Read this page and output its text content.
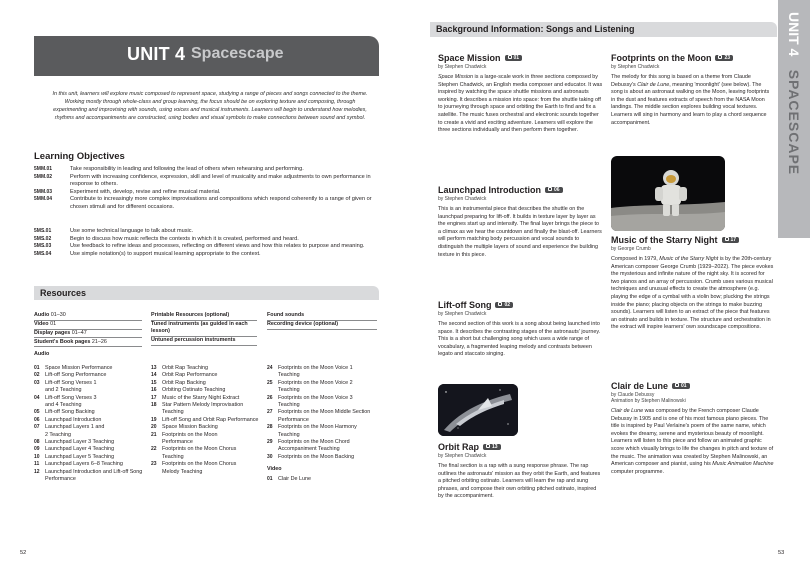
UNIT 4 Spacescape

In this unit, learners will explore music composed to represent space, studying a range of pieces and songs connected to the theme. Working mostly through whole-class and group learning, the focus should be on exploring texture and composing, through experimenting and improvising with sounds, using voices and musical instruments. Learners will begin to understand how melodies, rhythms and accompaniments are constructed, using bodies and visual symbols to make connections between sound and symbol.

Learning Objectives
5MM.01	Take responsibility in leading and following the lead of others when rehearsing and performing.
5MM.02	Perform with increasing confidence, expression, skill and level of musicality and make adjustments to own performance in response to others.
5MM.03	Experiment with, develop, revise and refine musical material.
5MM.04	Contribute to increasingly more complex improvisations and compositions which respond coherently to a range of given or chosen stimuli and for different occasions.
5MS.01	Use some technical language to talk about music.
5MS.02	Begin to discuss how music reflects the contexts in which it is created, performed and heard.
5MS.03	Use feedback to refine ideas and processes, reflecting on different views and how this relates to purpose and meaning.
5MS.04	Use simple notation(s) to support musical learning appropriate to the context.
Resources
Audio 01–30
Video 01
Display pages 01–47
Student's Book pages 21–26
Printable Resources (optional)
Tuned instruments (as guided in each lesson)
Untuned percussion instruments
Found sounds
Recording device (optional)
Audio
01	Space Mission Performance
02	Lift-off Song Performance
03	Lift-off Song Verses 1 and 2 Teaching
04	Lift-off Song Verses 3 and 4 Teaching
05	Lift-off Song Backing
06	Launchpad Introduction
07	Launchpad Layers 1 and 2 Teaching
08	Launchpad Layer 3 Teaching
09	Launchpad Layer 4 Teaching
10	Launchpad Layer 5 Teaching
11	Launchpad Layers 6–8 Teaching
12	Launchpad Introduction and Lift-off Song Performance
13	Orbit Rap Teaching
14	Orbit Rap Performance
15	Orbit Rap Backing
16	Orbiting Ostinato Teaching
17	Music of the Starry Night Extract
18	Star Pattern Melody Improvisation Teaching
19	Lift-off Song and Orbit Rap Performance
20	Space Mission Backing
21	Footprints on the Moon Performance
22	Footprints on the Moon Chorus Teaching
23	Footprints on the Moon Chorus Melody Teaching
24	Footprints on the Moon Voice 1 Teaching
25	Footprints on the Moon Voice 2 Teaching
26	Footprints on the Moon Voice 3 Teaching
27	Footprints on the Moon Middle Section Performance
28	Footprints on the Moon Harmony Teaching
29	Footprints on the Moon Chord Accompaniment Teaching
30	Footprints on the Moon Backing
Video
01	Clair De Lune
52
Background Information: Songs and Listening	UNIT 4   SPACESCAPE
Space Mission	01
by Stephen Chadwick

Space Mission is a large-scale work in three sections composed by Stephen Chadwick, an English media composer and educator. It was inspired by watching the space shuttle missions and astronauts working. It describes a mission into space: from the shuttle taking off to journeying through space and orbiting the Earth to find and fix a satellite. The music fuses orchestral and electronic sounds together to create a vivid and exciting adventure. Learners will explore the three sections individually and then perform them together.

Launchpad Introduction	06
by Stephen Chadwick

This is an instrumental piece that describes the shuttle on the launchpad preparing for lift-off. It builds in texture layer by layer as the engines start up and intensify. The final layer brings the piece to a climax as we hear the countdown and finally the blast-off. Learners will perform matching body percussion and vocal sounds to distinguish the multiple layers of sound and experience the building texture in this piece.

Lift-off Song	02
by Stephen Chadwick

The second section of this work is a song about being launched into space. It describes the contrasting stages of the astronauts' journey. This is a short but challenging song which uses a wide range of vocabulary, a fragmented leaping melody and contrasts between legato and staccato singing.

Orbit Rap	13
by Stephen Chadwick

The final section is a rap with a sung response phrase. The rap outlines the astronauts' mission as they orbit the Earth, and features a pitched orbiting ostinato. Learners will learn the rap and sung phrases, and compose their own orbiting pitched ostinato, inspired by the accompaniment.

Footprints on the Moon	23
by Stephen Chadwick

The melody for this song is based on a theme from Claude Debussy's Clair de Lune, meaning 'moonlight' (see below). The song is about an astronaut walking on the Moon, leaving footprints in the dust and features extracts of speech from the NASA Moon landings. The middle section explores building vocal textures. Learners will sing in harmony and learn to play a chord sequence accompaniment.

Music of the Starry Night	17
by George Crumb

Composed in 1979, Music of the Starry Night is by the 20th-century American composer George Crumb (1929–2022). The piece evokes the mysterious and infinite nature of the night sky. It is scored for two pianos and an array of percussion. Crumb uses various musical techniques and unusual effects to create the atmosphere (e.g. playing the edge of a cymbal with a violin bow; plucking the strings inside the piano; placing objects on the strings to make buzzing sounds). Learners will listen to an extract of the piece that features an ostinato and builds in texture. The structure and orchestration in the extract will inspire learners' own soundscape compositions.

Clair de Lune	01
by Claude Debussy
Animation by Stephen Malinowski

Clair de Lune was composed by the French composer Claude Debussy in 1905 and is one of his most famous piano pieces. The title is inspired by Paul Verlaine's poem of the same name, which evokes the dreamy, serene and mysterious beauty of moonlight. Learners will listen to this piece and follow an animated graphic score which visually brings to life the changes in pitch and texture of the music. The animation was created by Stephen Malinowski, an American composer and pianist, using his Music Animation Machine computer programme.

53
